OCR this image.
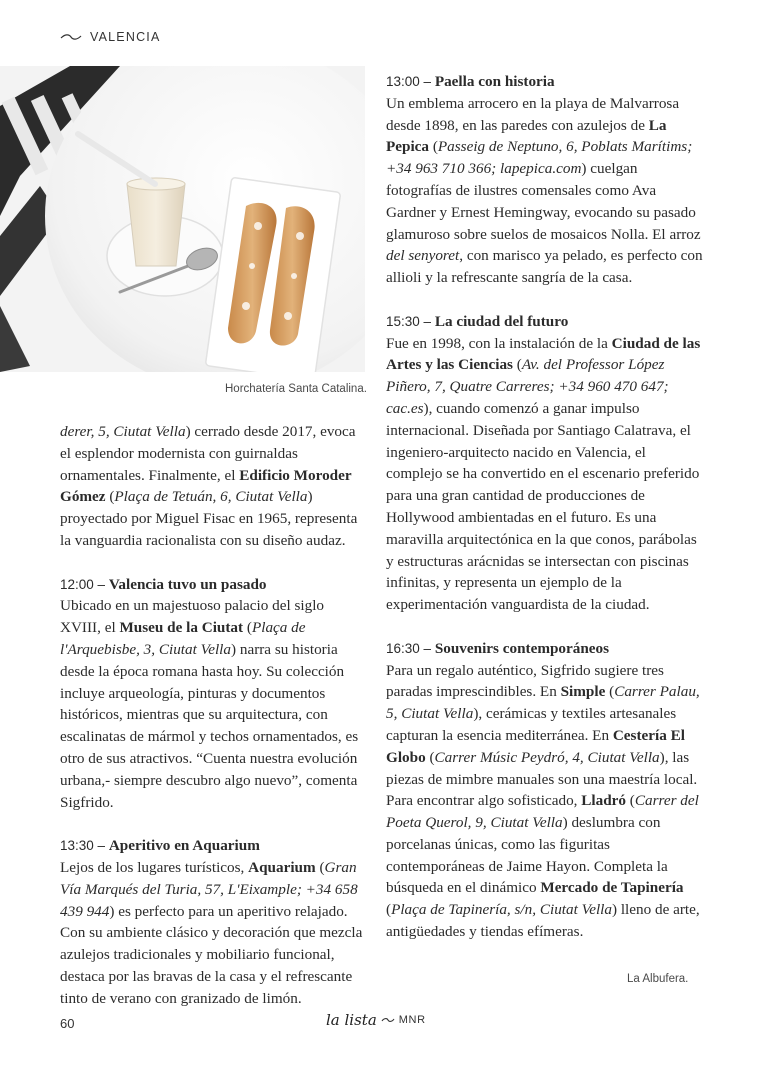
VALENCIA
Horchatería Santa Catalina.

derer, 5, Ciutat Vella) cerrado desde 2017, evoca el esplendor modernista con guirnaldas ornamentales. Finalmente, el Edificio Moroder Gómez (Plaça de Tetuán, 6, Ciutat Vella) proyectado por Miguel Fisac en 1965, representa la vanguardia racionalista con su diseño audaz.

12:00 – Valencia tuvo un pasado
Ubicado en un majestuoso palacio del siglo XVIII, el Museu de la Ciutat (Plaça de l'Arquebisbe, 3, Ciutat Vella) narra su historia desde la época romana hasta hoy. Su colección incluye arqueología, pinturas y documentos históricos, mientras que su arquitectura, con escalinatas de mármol y techos ornamentados, es otro de sus atractivos. “Cuenta nuestra evolución urbana,- siempre descubro algo nuevo”, comenta Sigfrido.

13:30 – Aperitivo en Aquarium
Lejos de los lugares turísticos, Aquarium (Gran Vía Marqués del Turia, 57, L'Eixample; +34 658 439 944) es perfecto para un aperitivo relajado. Con su ambiente clásico y decoración que mezcla azulejos tradicionales y mobiliario funcional, destaca por las bravas de la casa y el refrescante tinto de verano con granizado de limón.

13:00 – Paella con historia
Un emblema arrocero en la playa de Malvarrosa desde 1898, en las paredes con azulejos de La Pepica (Passeig de Neptuno, 6, Poblats Marítims; +34 963 710 366; lapepica.com) cuelgan fotografías de ilustres comensales como Ava Gardner y Ernest Hemingway, evocando su pasado glamuroso sobre suelos de mosaicos Nolla. El arroz del senyoret, con marisco ya pelado, es perfecto con allioli y la refrescante sangría de la casa.

15:30 – La ciudad del futuro
Fue en 1998, con la instalación de la Ciudad de las Artes y las Ciencias (Av. del Professor López Piñero, 7, Quatre Carreres; +34 960 470 647; cac.es), cuando comenzó a ganar impulso internacional. Diseñada por Santiago Calatrava, el ingeniero-arquitecto nacido en Valencia, el complejo se ha convertido en el escenario preferido para una gran cantidad de producciones de Hollywood ambientadas en el futuro. Es una maravilla arquitectónica en la que conos, parábolas y estructuras arácnidas se intersectan con piscinas infinitas, y representa un ejemplo de la experimentación vanguardista de la ciudad.

16:30 – Souvenirs contemporáneos
Para un regalo auténtico, Sigfrido sugiere tres paradas imprescindibles. En Simple (Carrer Palau, 5, Ciutat Vella), cerámicas y textiles artesanales capturan la esencia mediterránea. En Cestería El Globo (Carrer Músic Peydró, 4, Ciutat Vella), las piezas de mimbre manuales son una maestría local. Para encontrar algo sofisticado, Lladró (Carrer del Poeta Querol, 9, Ciutat Vella) deslumbra con porcelanas únicas, como las figuritas contemporáneas de Jaime Hayon. Completa la búsqueda en el dinámico Mercado de Tapinería (Plaça de Tapinería, s/n, Ciutat Vella) lleno de arte, antigüedades y tiendas efímeras.

La Albufera.
60	la lista MNR
